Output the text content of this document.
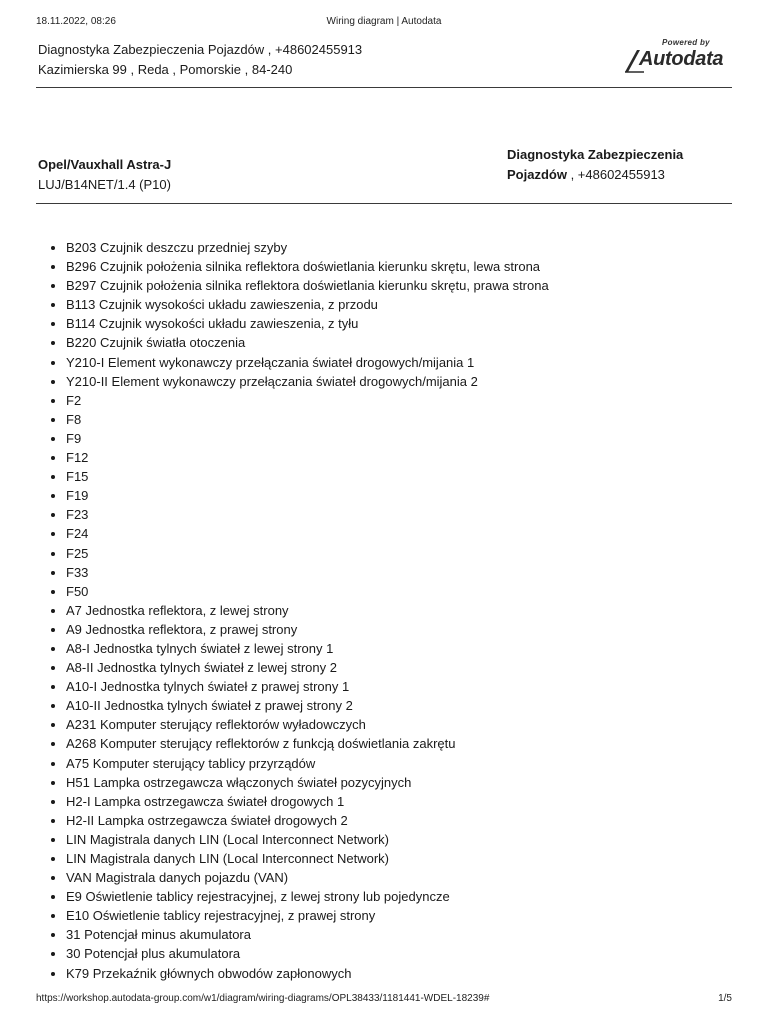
18.11.2022, 08:26	Wiring diagram | Autodata
Diagnostyka Zabezpieczenia Pojazdów , +48602455913
Kazimierska 99 , Reda , Pomorskie , 84-240
Powered by
Autodata
Opel/Vauxhall Astra-J
LUJ/B14NET/1.4 (P10)
Diagnostyka Zabezpieczenia
Pojazdów , +48602455913
• B203 Czujnik deszczu przedniej szyby
• B296 Czujnik położenia silnika reflektora doświetlania kierunku skrętu, lewa strona
• B297 Czujnik położenia silnika reflektora doświetlania kierunku skrętu, prawa strona
• B113 Czujnik wysokości układu zawieszenia, z przodu
• B114 Czujnik wysokości układu zawieszenia, z tyłu
• B220 Czujnik światła otoczenia
• Y210-I Element wykonawczy przełączania świateł drogowych/mijania 1
• Y210-II Element wykonawczy przełączania świateł drogowych/mijania 2
• F2
• F8
• F9
• F12
• F15
• F19
• F23
• F24
• F25
• F33
• F50
• A7 Jednostka reflektora, z lewej strony
• A9 Jednostka reflektora, z prawej strony
• A8-I Jednostka tylnych świateł z lewej strony 1
• A8-II Jednostka tylnych świateł z lewej strony 2
• A10-I Jednostka tylnych świateł z prawej strony 1
• A10-II Jednostka tylnych świateł z prawej strony 2
• A231 Komputer sterujący reflektorów wyładowczych
• A268 Komputer sterujący reflektorów z funkcją doświetlania zakrętu
• A75 Komputer sterujący tablicy przyrządów
• H51 Lampka ostrzegawcza włączonych świateł pozycyjnych
• H2-I Lampka ostrzegawcza świateł drogowych 1
• H2-II Lampka ostrzegawcza świateł drogowych 2
• LIN Magistrala danych LIN (Local Interconnect Network)
• LIN Magistrala danych LIN (Local Interconnect Network)
• VAN Magistrala danych pojazdu (VAN)
• E9 Oświetlenie tablicy rejestracyjnej, z lewej strony lub pojedyncze
• E10 Oświetlenie tablicy rejestracyjnej, z prawej strony
• 31 Potencjał minus akumulatora
• 30 Potencjał plus akumulatora
• K79 Przekaźnik głównych obwodów zapłonowych
https://workshop.autodata-group.com/w1/diagram/wiring-diagrams/OPL38433/1181441-WDEL-18239#	1/5
